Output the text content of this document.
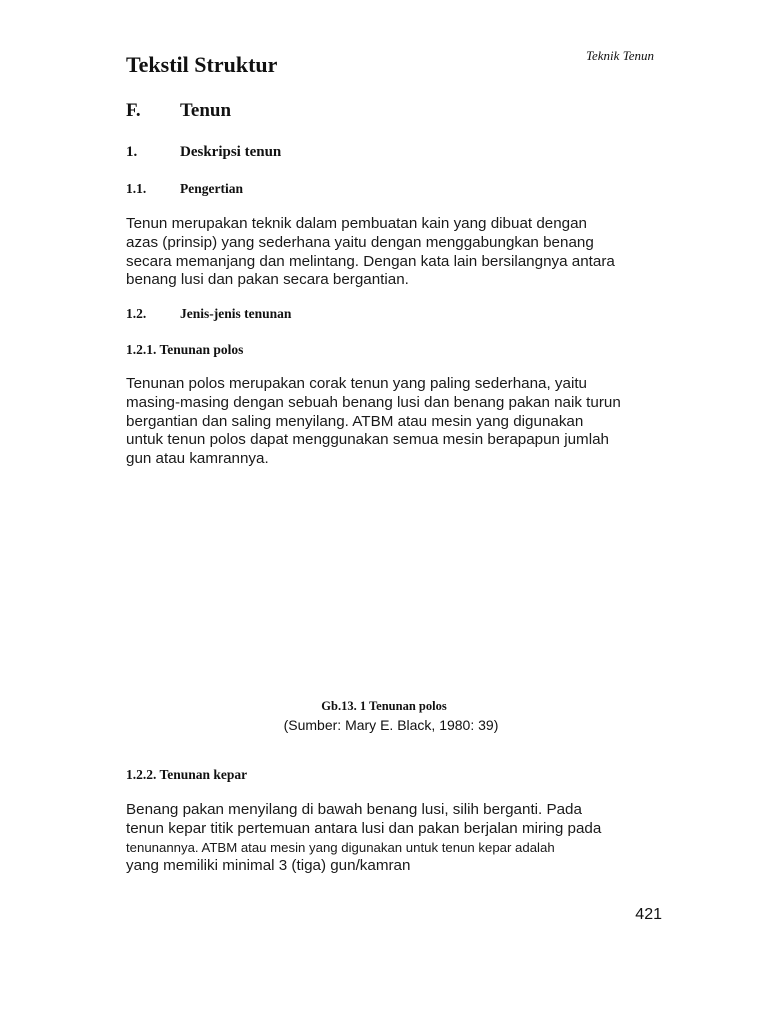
Teknik Tenun
Tekstil Struktur
F. Tenun
1.	Deskripsi tenun
1.1.	Pengertian

Tenun merupakan teknik dalam pembuatan kain yang dibuat dengan
azas (prinsip) yang sederhana yaitu dengan menggabungkan benang
secara memanjang dan melintang. Dengan kata lain bersilangnya antara
benang lusi dan pakan secara bergantian.

1.2.	Jenis-jenis tenunan
1.2.1. Tenunan polos

Tenunan polos merupakan corak tenun yang paling sederhana, yaitu
masing-masing dengan sebuah benang lusi dan benang pakan naik turun
bergantian dan saling menyilang. ATBM atau mesin yang digunakan
untuk tenun polos dapat menggunakan semua mesin berapapun jumlah
gun atau kamrannya.

Gb.13. 1 Tenunan polos
(Sumber: Mary E. Black, 1980: 39)
1.2.2. Tenunan kepar

Benang pakan menyilang di bawah benang lusi, silih berganti. Pada
tenun kepar titik pertemuan antara lusi dan pakan berjalan miring pada
tenunannya. ATBM atau mesin yang digunakan untuk tenun kepar adalah
yang memiliki minimal 3 (tiga) gun/kamran

421
